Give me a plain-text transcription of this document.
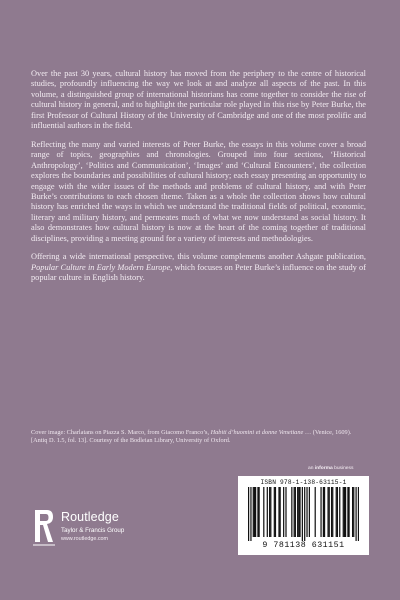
Over the past 30 years, cultural history has moved from the periphery to the centre of historical studies, profoundly influencing the way we look at and analyze all aspects of the past. In this volume, a distinguished group of international historians has come together to consider the rise of cultural history in general, and to highlight the particular role played in this rise by Peter Burke, the first Professor of Cultural History of the University of Cambridge and one of the most prolific and influential authors in the field.

Reflecting the many and varied interests of Peter Burke, the essays in this volume cover a broad range of topics, geographies and chronologies. Grouped into four sections, ‘Historical Anthropology’, ‘Politics and Communication’, ‘Images’ and ‘Cultural Encounters’, the collection explores the boundaries and possibilities of cultural history; each essay presenting an opportunity to engage with the wider issues of the methods and problems of cultural history, and with Peter Burke’s contributions to each chosen theme. Taken as a whole the collection shows how cultural history has enriched the ways in which we understand the traditional fields of political, economic, literary and military history, and permeates much of what we now understand as social history. It also demonstrates how cultural history is now at the heart of the coming together of traditional disciplines, providing a meeting ground for a variety of interests and methodologies.

Offering a wide international perspective, this volume complements another Ashgate publication, Popular Culture in Early Modern Europe, which focuses on Peter Burke’s influence on the study of popular culture in English history.

Cover image: Charlatans on Piazza S. Marco, from Giacomo Franco’s, Habiti d’huomini et donne Venetiane … (Venice, 1609). [Antiq D. 1.5, fol. 13]. Courtesy of the Bodleian Library, University of Oxford.

an informa business
Routledge
Taylor & Francis Group
www.routledge.com
ISBN 978-1-138-63115-1
9 781138 631151
